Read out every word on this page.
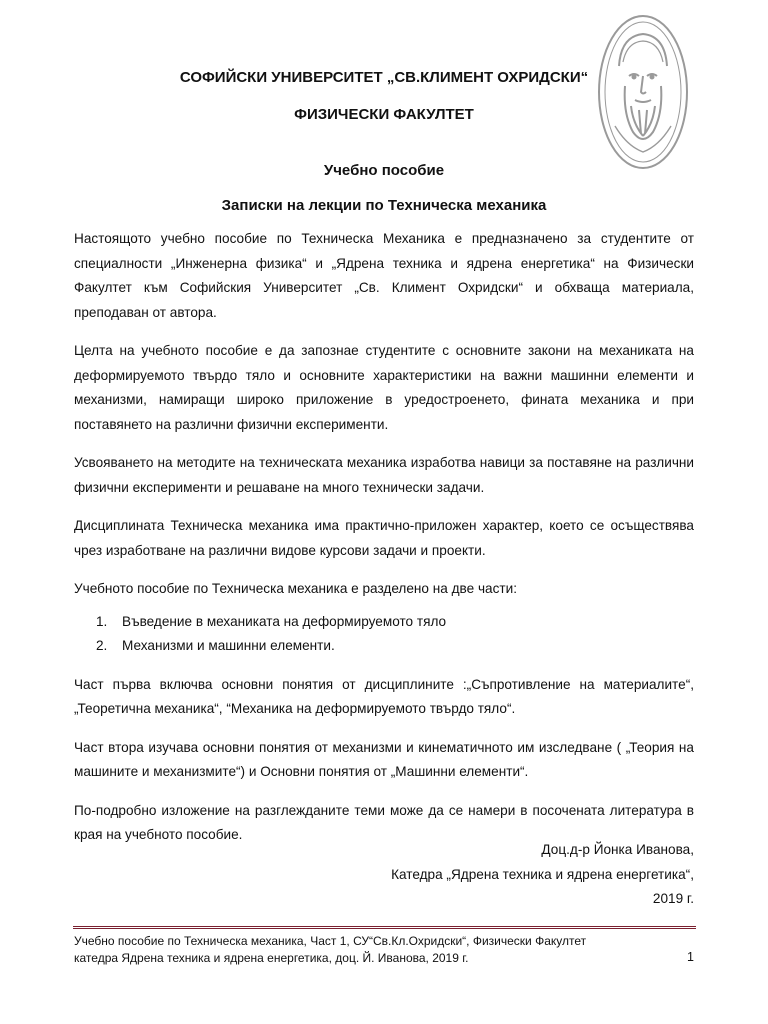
СОФИЙСКИ УНИВЕРСИТЕТ „СВ.КЛИМЕНТ ОХРИДСКИ“
ФИЗИЧЕСКИ ФАКУЛТЕТ
Учебно пособие
Записки на лекции по Техническа механика

Настоящото учебно пособие по Техническа Механика е предназначено за студентите от специалности „Инженерна физика“ и „Ядрена техника и ядрена енергетика“ на Физически Факултет към Софийския Университет „Св. Климент Охридски“ и обхваща материала, преподаван от автора.

Целта на учебното пособие е да запознае студентите с основните закони на механиката на деформируемото твърдо тяло и основните характеристики на важни машинни елементи и механизми, намиращи широко приложение в уредостроенето, фината механика и при поставянето на различни физични експерименти.

Усвояването на методите на техническата механика изработва навици за поставяне на различни физични експерименти и решаване на много технически задачи.

Дисциплината Техническа механика има практично-приложен характер, което се осъществява чрез изработване на различни видове курсови задачи и проекти.

Учебното пособие по Техническа механика е разделено на две части:

1.	Въведение в механиката на деформируемото тяло
2.	Механизми и машинни елементи.

Част първа включва основни понятия от дисциплините :„Съпротивление на материалите“, „Теоретична механика“, “Механика на деформируемото твърдо тяло“.

Част втора изучава основни понятия от механизми и кинематичното им изследване ( „Теория на машините и механизмите“) и Основни понятия от „Машинни елементи“.

По-подробно изложение на разглежданите теми може да се намери в посочената литература в края на учебното пособие.

Доц.д-р Йонка Иванова,
Катедра „Ядрена техника и ядрена енергетика“,
2019 г.
Учебно пособие по Техническа механика, Част 1, СУ“Св.Кл.Охридски“, Физически Факултет
катедра Ядрена техника и ядрена енергетика, доц. Й. Иванова, 2019 г.	1
